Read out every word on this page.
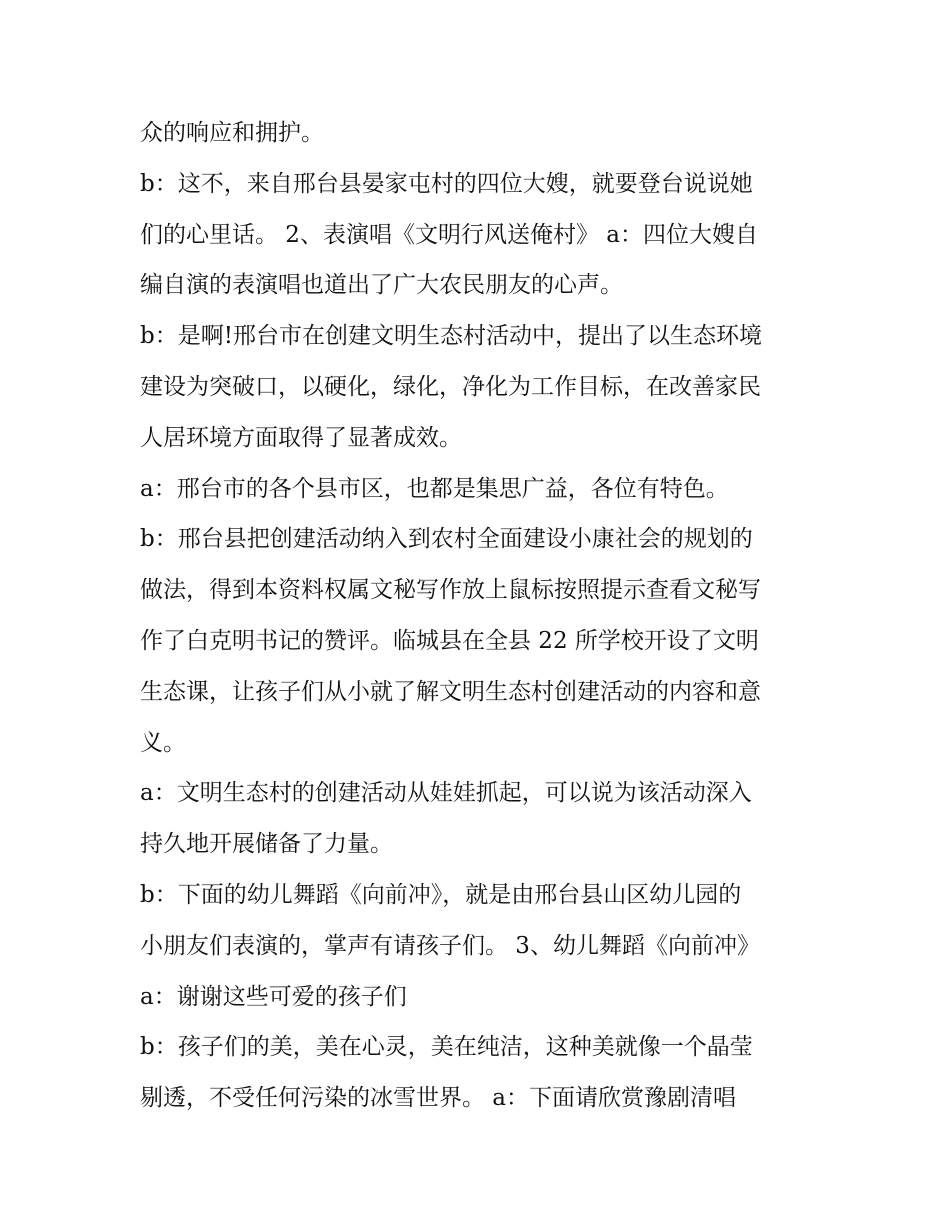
众的响应和拥护。

b：这不，来自邢台县晏家屯村的四位大嫂，就要登台说说她
们的心里话。 2、表演唱《文明行风送俺村》 a：四位大嫂自
编自演的表演唱也道出了广大农民朋友的心声。

b：是啊!邢台市在创建文明生态村活动中，提出了以生态环境
建设为突破口，以硬化，绿化，净化为工作目标，在改善家民
人居环境方面取得了显著成效。

a：邢台市的各个县市区，也都是集思广益，各位有特色。

b：邢台县把创建活动纳入到农村全面建设小康社会的规划的
做法，得到本资料权属文秘写作放上鼠标按照提示查看文秘写
作了白克明书记的赞评。临城县在全县 22 所学校开设了文明
生态课，让孩子们从小就了解文明生态村创建活动的内容和意
义。

a：文明生态村的创建活动从娃娃抓起，可以说为该活动深入
持久地开展储备了力量。

b：下面的幼儿舞蹈《向前冲》，就是由邢台县山区幼儿园的
小朋友们表演的，掌声有请孩子们。 3、幼儿舞蹈《向前冲》

a：谢谢这些可爱的孩子们

b：孩子们的美，美在心灵，美在纯洁，这种美就像一个晶莹
剔透，不受任何污染的冰雪世界。 a：下面请欣赏豫剧清唱
